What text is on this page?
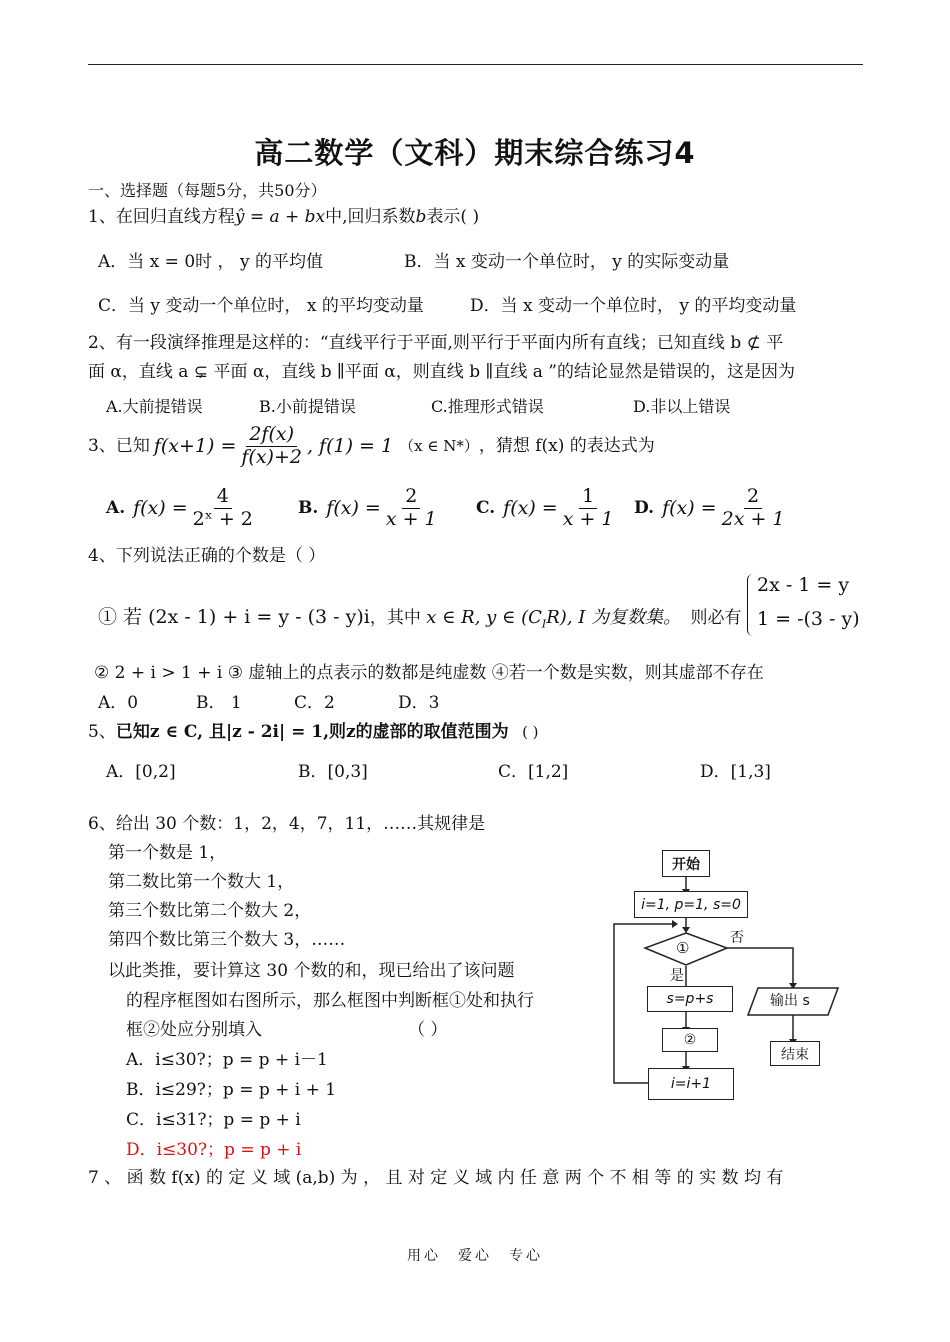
高二数学（文科）期末综合练习4
一、选择题（每题5分，共50分）
1、在回归直线方程ŷ = a + bx中,回归系数b表示( )
A．当 x = 0时 ， y 的平均值	B．当 x 变动一个单位时， y 的实际变动量
C．当 y 变动一个单位时， x 的平均变动量	D．当 x 变动一个单位时， y 的平均变动量
2、有一段演绎推理是这样的：“直线平行于平面,则平行于平面内所有直线；已知直线 b ⊄ 平
面 α，直线 a ⊊ 平面 α，直线 b ∥平面 α，则直线 b ∥直线 a ”的结论显然是错误的，这是因为
A.大前提错误	B.小前提错误	C.推理形式错误	D.非以上错误
3、已知 $f(x+1) = \frac{2f(x)}{f(x)+2}$ , f(1) = 1 （x ∈ N*） ，猜想 f(x) 的表达式为
A. $f(x) = \frac{4}{\text{2ˣ + 2}} B$. $f(x) = \frac{2}{x + 1} C$. $f(x) = \frac{1}{x + 1} D$. $f(x) = \frac{2}{2x + 1}$
4、下列说法正确的个数是（ ）
① 若 (2x - 1) + i = y - (3 - y)i，其中 x ∈ R, y ∈ $(C_IR)$, I 为复数集。 则必有
2x - 1 = y
1 = -(3 - y)
② 2 + i > 1 + i ③ 虚轴上的点表示的数都是纯虚数 ④若一个数是实数，则其虚部不存在
A．0	B． 1	C．2	D．3
5、已知z ∈ C, 且|z - 2i| = 1,则z的虚部的取值范围为 ( )
A．[0,2]	B．[0,3]	C．[1,2]	D．[1,3]
6、给出 30 个数：1，2，4，7，11，……其规律是
第一个数是 1，
第二数比第一个数大 1，
第三个数比第二个数大 2，
第四个数比第三个数大 3，……
以此类推，要计算这 30 个数的和，现已给出了该问题
的程序框图如右图所示，那么框图中判断框①处和执行
框②处应分别填入	（ ）
A．i≤30?；p = p + i－1
B．i≤29?；p = p + i + 1
C．i≤31?；p = p + i
D．i≤30?；p = p + i
开始
i=1, p=1, s=0
①
否
是
s=p+s
②
i=i+1
输出 s
结束
7 、 函 数 f(x) 的 定 义 域 (a,b) 为 ， 且 对 定 义 域 内 任 意 两 个 不 相 等 的 实 数 均 有
用心　爱心　专心
